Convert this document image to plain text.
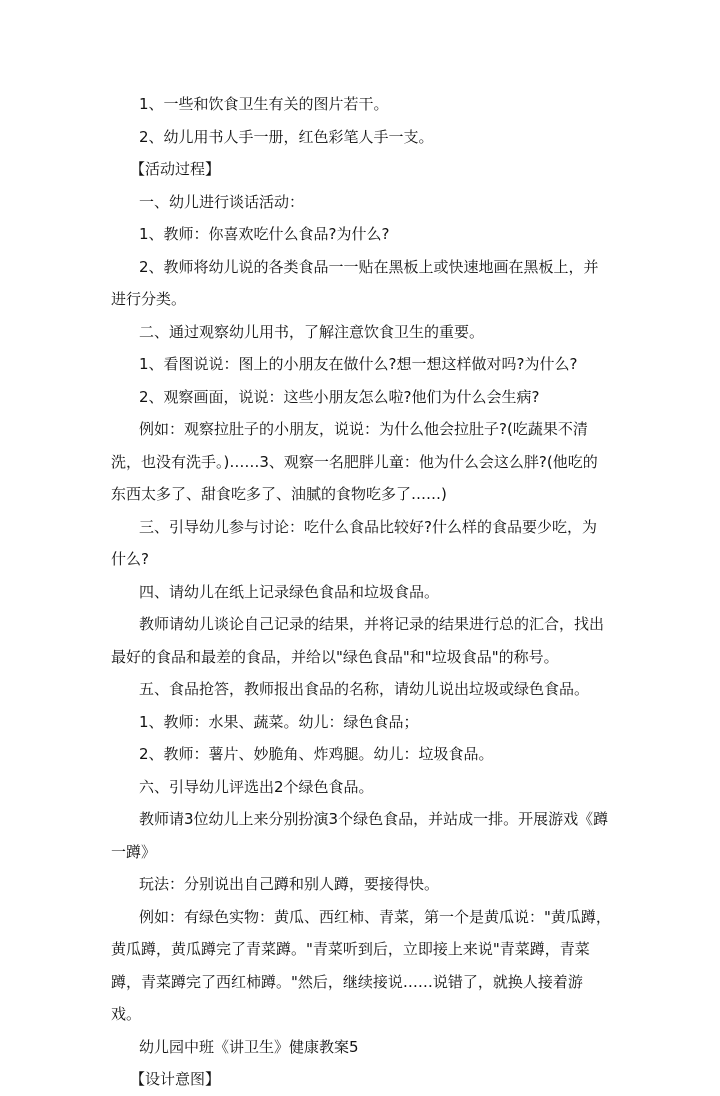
1、一些和饮食卫生有关的图片若干。

2、幼儿用书人手一册，红色彩笔人手一支。

【活动过程】

一、幼儿进行谈话活动：

1、教师：你喜欢吃什么食品?为什么?

2、教师将幼儿说的各类食品一一贴在黑板上或快速地画在黑板上，并进行分类。

二、通过观察幼儿用书，了解注意饮食卫生的重要。

1、看图说说：图上的小朋友在做什么?想一想这样做对吗?为什么?

2、观察画面，说说：这些小朋友怎么啦?他们为什么会生病?

例如：观察拉肚子的小朋友，说说：为什么他会拉肚子?(吃蔬果不清洗，也没有洗手。)……3、观察一名肥胖儿童：他为什么会这么胖?(他吃的东西太多了、甜食吃多了、油腻的食物吃多了……)

三、引导幼儿参与讨论：吃什么食品比较好?什么样的食品要少吃，为什么?

四、请幼儿在纸上记录绿色食品和垃圾食品。

教师请幼儿谈论自己记录的结果，并将记录的结果进行总的汇合，找出最好的食品和最差的食品，并给以"绿色食品"和"垃圾食品"的称号。

五、食品抢答，教师报出食品的名称，请幼儿说出垃圾或绿色食品。

1、教师：水果、蔬菜。幼儿：绿色食品；

2、教师：薯片、妙脆角、炸鸡腿。幼儿：垃圾食品。

六、引导幼儿评选出2个绿色食品。

教师请3位幼儿上来分别扮演3个绿色食品，并站成一排。开展游戏《蹲一蹲》

玩法：分别说出自己蹲和别人蹲，要接得快。

例如：有绿色实物：黄瓜、西红柿、青菜，第一个是黄瓜说："黄瓜蹲，黄瓜蹲，黄瓜蹲完了青菜蹲。"青菜听到后，立即接上来说"青菜蹲，青菜蹲，青菜蹲完了西红柿蹲。"然后，继续接说……说错了，就换人接着游戏。

幼儿园中班《讲卫生》健康教案5

【设计意图】
